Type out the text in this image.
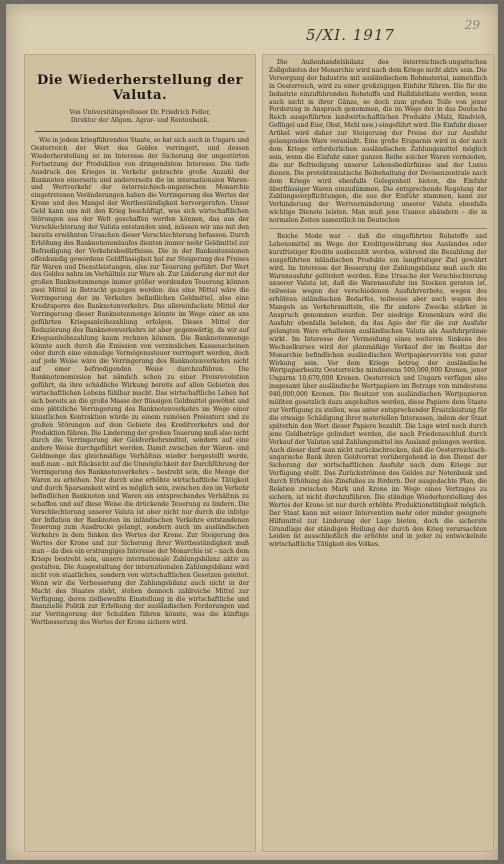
5/XI. 1917
29
Die Wiederherstellung der Valuta.
Von Universitätsprofessor Dr. Friedrich Feller,
Direktor der Allgem. Agrar- und Rentenbank.

Wie in jedem kriegführenden Staate, so hat sich auch in Ungarn und Oesterreich der Wert des Geldes verringert, und dessen Wiederherstellung ist im Interesse der Sicherung der ungestörten Fortsetzung der Produktion von dringendstem Interesse. Die tiefe Ausdruck des Krieges in Verkehr gebrachte große Anzahl der Banknoten einerseits und andererseits die im internationalen Waren- und Wertverkehr der österreichisch-ungarischen Monarchie eingetretenen Veränderungen haben die Verringerung des Wertes der Krone und des Mangel der Wertbeständigkeit hervorgerufen. Unser Geld kann uns mit den Krieg beschäftigt, was sich wirtschaftlichen Störungen aus der Welt geschaffen werden können, das aus der Verschlechterung der Valuta entstanden sind, müssen wir uns mit den bereits erwähnten Ursachen dieser Verschlechterung befassen. Durch Erhöhung des Banknotenumlaufes dienten immer mehr Geldmittel zur Befriedigung der Verkehrsbedürfnisse. Die in der Bankentensionen offenkundig gewordene Geldflüssigkeit hat zur Steigerung des Preises für Waren und Dienstleistungen, also zur Teuerung geführt. Der Wert des Geldes nahm im Verhältnis zur Ware ab. Zur Linderung der mit der großen Banknotenmenge immer größer werdenden Teuerung können zwei Mittel in Betracht gezogen werden: das eine Mittel wäre die Verringerung der im Verkehre befindlichen Geldmittel, also eine Kreditsperre des Banknotenverkehrs. Das allereinfachste Mittel der Verringerung dieser Banknotenmenge könnte im Wege einer an uns geführten Kriegsanleihezahlung erfolgen. Dieses Mittel der Reduzierung des Banknotenverkehrs ist aber gegenwärtig, da wir auf Kriegsanleihezahlung kaum rechnen können. Die Banknotenmenge könnte auch durch die Emission von verzinslichen Kassenscheinen oder durch eine einmalige Vermögenssteuer verringert werden, doch auf jede Weise wäre die Verringerung des Banknotenverkehrs nicht auf einer befriedigenden Weise durchzuführen. Die Banknotenemission hat nämlich schon zu einer Preisrevolution geführt, da ihre schädliche Wirkung bereits auf allen Gebieten des wirtschaftlichen Lebens fühlbar macht. Das wirtschaftliche Leben hat sich bereits an die große Masse der flüssigen Geldmittel gewöhnt und eine plötzliche Verringerung des Banknotenverkehrs im Wege einer künstlichen Kontraktion würde zu einem ruinösen Preissturz und zu großen Störungen auf dem Gebiete des Kreditverkehrs und der Produktion führen. Die Linderung der großen Teuerung muß also nicht durch die Verringerung der Geldverkehrsmittel, sondern auf eine andere Weise durchgeführt werden. Damit zwischen der Waren- und Geldmenge das gleichmäßige Verhältnis wieder hergestellt werde, muß man – mit Rücksicht auf die Unmöglichkeit der Durchführung der Verringerung des Banknotenverkehrs – bestrebt sein, die Menge der Waren zu erhöhen. Nur durch eine erhöhte wirtschaftliche Tätigkeit und durch Sparsamkeit wird es möglich sein, zwischen den im Verkehr befindlichen Banknoten und Waren ein entsprechendes Verhältnis zu schaffen und auf diese Weise die drückende Teuerung zu lindern. Die Verschlechterung unserer Valuta ist aber nicht nur durch die infolge der Inflation der Banknoten im inländischen Verkehre entstandenen Teuerung zum Ausdrucke gelangt, sondern auch im ausländischen Verkehre in dem Sinken des Wertes der Krone. Zur Steigerung des Wertes der Krone und zur Sicherung ihrer Wertbeständigkeit muß man – da dies ein erstrangiges Interesse der Monarchie ist – nach dem Kriege bestrebt sein, unsere internationale Zahlungsbilanz aktiv zu gestalten. Die Ausgestaltung der internationalen Zahlungsbilanz wird nicht von staatlichen, sondern von wirtschaftlichen Gesetzen geleitet. Wenn wir die Verbesserung der Zahlungsbilanz auch nicht in der Macht des Staates steht, stehen dennoch zahlreiche Mittel zur Verfügung, deren zielbewußte Einstellung in die wirtschaftliche und finanzielle Politik zur Erhöhung der ausländischen Forderungen und zur Verringerung der Schulden führen könnte, was die künftige Wertbesserung des Wertes der Krone sichern wird.

Die Außenhandelsbilanz des österreichisch-ungarischen Zollgebietes der Monarchie wird nach dem Kriege nicht aktiv sein. Die Versorgung der Industrie mit ausländischem Rohmaterial, namentlich in Oesterreich, wird zu einer großzügigen Einfuhr führen. Die für die Industrie einzuführenden Rohstoffe und Halbfabrikate werden, wenn auch nicht in ihrer Gänze, so doch zum großen Teile von jener Forderung in Anspruch genommen, die im Wege der in das Deutsche Reich ausgeführten landwirtschaftlichen Produkte (Malz, Rindvieh, Geflügel und Eier, Obst, Mehl usw.) eingeführt wird. Die Einfuhr dieser Artikel wird daher zur Steigerung der Preise der zur Ausfuhr gelangenden Ware veranlaßt. Eine große Ersparnis wird in der nach dem Kriege erforderlichen ausländischen Zahlungsmittel möglich sein, wenn die Einfuhr einer ganzen Reihe solcher Waren vermieden, die zur Befriedigung unserer Lebensbedürfnisse und der Luxus dienen. Die protektionistische Beibehaltung der Devisenzentrale nach dem Kriege wird ebenfalls Gelegenheit bieten, die Einfuhr überflüssiger Waren einzudämmen. Die entsprechende Regelung der Zahlungsverpflichtungen, die aus der Einfuhr stammen, kann zur Verhinderung der Wertverminderung unserer Valuta ebenfalls wichtige Dienste leisten. Man muß jene Usance abändern – die in normalen Zeiten namentlich im Deutschen

Reiche Mode war – daß die eingeführten Rohstoffe und Lebensmittel im Wege der Kreditgewährung des Auslandes oder kurzfristiger Kredite ausbezahlt werden, während die Bezahlung der ausgeführten inländischen Produkte ein langfristiger Ziel gewährt wird. Im Interesse der Besserung der Zahlungsbilanz muß auch die Warenausfuhr gefördert werden. Eine Ursache der Verschlechterung unserer Valuta ist, daß die Warenausfuhr ins Stocken geraten ist, teilweise wegen der verschiedenen Ausfuhrverbote, wegen des erhöhten inländischen Bedarfes, teilweise aber auch wegen des Mangels an Verkehrsmitteln, die für andere Zwecke stärker in Anspruch genommen wurden. Der niedrige Kronenkurs wird die Ausfuhr ebenfalls beleben, da das Agio der für die zur Ausfuhr gelangten Ware erhaltenen ausländischen Valuta als Ausfuhrprämie wirkt. Im Interesse der Vermeidung eines weiteren Sinkens des Wechselkurses wird der planmäßige Verkauf der im Besitze der Monarchie befindlichen ausländischen Wertpapiervorräte von guter Wirkung sein. Vor dem Kriege betrug der ausländische Wertpapierbesitz Oesterreichs mindestens 500,000,000 Kronen, jener Ungarns 10,670,000 Kronen. Oesterreich und Ungarn verfügen also insgesamt über ausländische Wertpapiere im Betrage von mindestens 940,000,000 Kronen. Die Besitzer von ausländischen Wertpapieren müßten gesetzlich dazu angehalten werden, diese Papiere dem Staate zur Verfügung zu stellen, was unter entsprechender Ersatzleistung für die etwaige Schädigung ihrer materiellen Interessen, indem der Staat späterhin den Wert dieser Papiere bezahlt. Die Lage wird noch durch jene Geldbeträge gelindert werden, die nach Friedensschluß durch Verkauf der Valuten und Zahlungsmittel ins Ausland gelangen werden. Auch dieser darf man nicht zurückschrecken, daß die Oesterreichisch-ungarische Bank ihren Goldvorrat vorübergehend in den Dienst der Sicherung der wirtschaftlichen Ausfuhr nach dem Kriege zur Verfügung stellt. Das Zurückströmen des Geldes zur Notenbank und durch Erhöhung des Zinsfußes zu fördern. Der ausgedachte Plan, die Relation zwischen Mark und Krone im Wege eines Vertrages zu sichern, ist nicht durchzuführen. Die ständige Wiederherstellung des Wertes der Krone ist nur durch erhöhte Produktionstätigkeit möglich. Der Staat kann mit seiner Intervention mehr oder minder geeignete Hilfsmittel zur Linderung der Lage bieten, doch die sicherste Grundlage der ständigen Heilung der durch den Krieg verursachten Leiden ist ausschließlich die erhöhte und in jeder zu entwickelnde wirtschaftliche Tätigkeit des Volkes.
